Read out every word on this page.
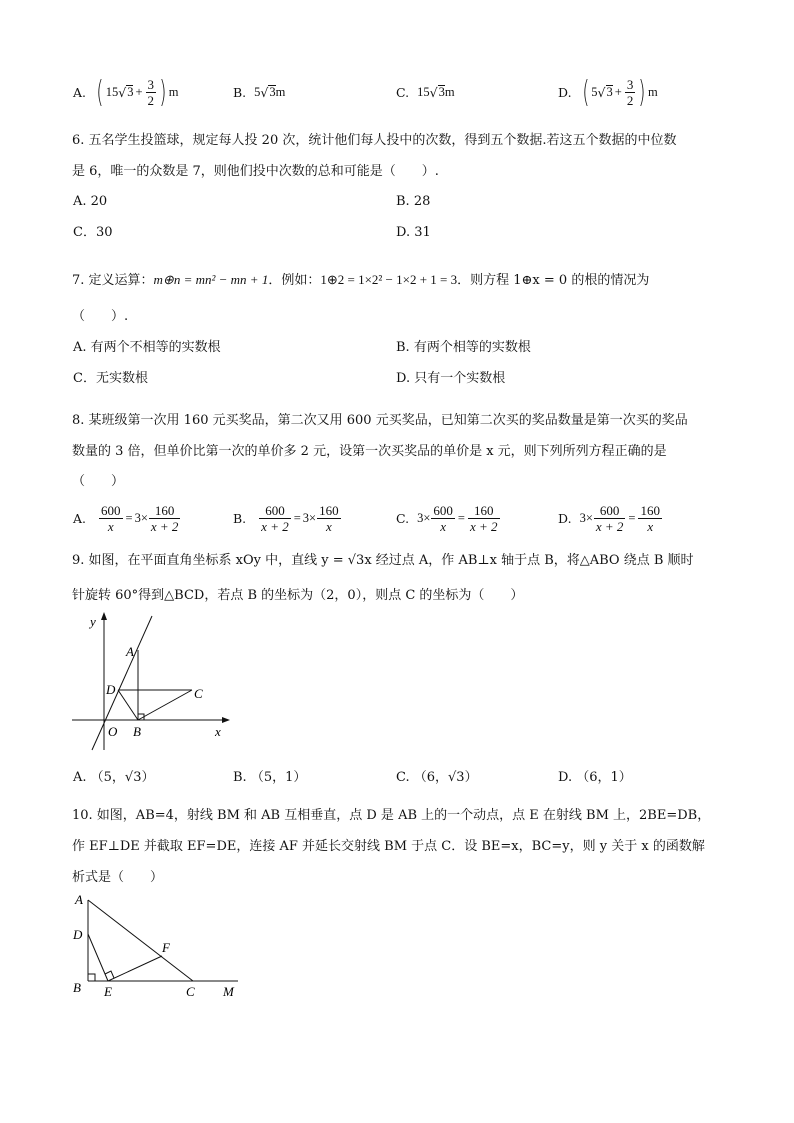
A. ( 15 √ $3 + \frac{3}{2}$ ) m	B. 5 √ 3 m	C. 15 √ 3 m	D. ( 5 √ $3 + \frac{3}{2}$ ) m
6. 五名学生投篮球，规定每人投 20 次，统计他们每人投中的次数，得到五个数据.若这五个数据的中位数
是 6，唯一的众数是 7，则他们投中次数的总和可能是（　　）.
A. 20	B. 28
C．30	D. 31
7. 定义运算：m⊕n = mn² − mn + 1．例如：1⊕2 = 1×2² − 1×2 + 1 = 3．则方程 1⊕x = 0 的根的情况为
（　　）.
A. 有两个不相等的实数根	B. 有两个相等的实数根
C．无实数根	D. 只有一个实数根
8. 某班级第一次用 160 元买奖品，第二次又用 600 元买奖品，已知第二次买的奖品数量是第一次买的奖品
数量的 3 倍，但单价比第一次的单价多 2 元，设第一次买奖品的单价是 x 元，则下列所列方程正确的是
（　　）
A. $\frac{600}{x} = 3\times \frac{160}{x + 2}$	B. $\frac{600}{x + 2} = 3\times \frac{160}{x}$	C. $3\times \frac{600}{x} = \frac{160}{x + 2}$	D. $3\times \frac{600}{x + 2} = \frac{160}{x}$
9. 如图，在平面直角坐标系 xOy 中，直线 y = √3x 经过点 A，作 AB⊥x 轴于点 B，将△ABO 绕点 B 顺时
针旋转 60°得到△BCD，若点 B 的坐标为（2，0），则点 C 的坐标为（　　）
y
x
A
D	C
O B
A. （5，√3）	B. （5，1）	C. （6，√3）	D. （6，1）
10. 如图，AB=4，射线 BM 和 AB 互相垂直，点 D 是 AB 上的一个动点，点 E 在射线 BM 上，2BE=DB，
作 EF⊥DE 并截取 EF=DE，连接 AF 并延长交射线 BM 于点 C．设 BE=x，BC=y，则 y 关于 x 的函数解
析式是（　　）
A
D
F
B E	C M
